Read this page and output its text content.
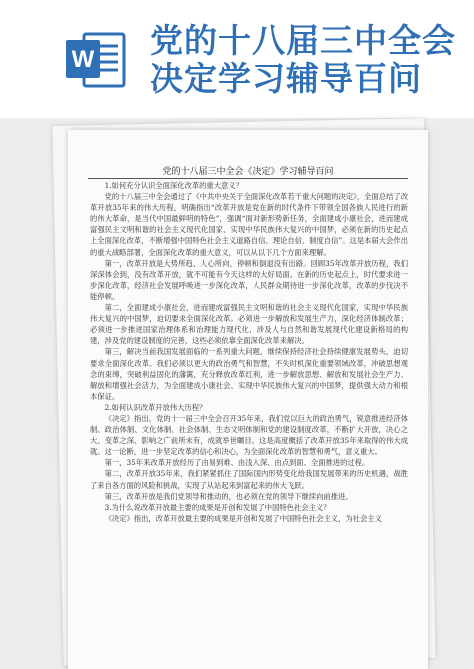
W 党的十八届三中全会决定学习辅导百问
党的十八届三中全会《决定》学习辅导百问

1.如何充分认识全面深化改革的重大意义？

党的十八届三中全会通过了《中共中央关于全面深化改革若干重大问题的决定》，全面总结了改革开放35年来的伟大历程，明确指出“改革开放是党在新的时代条件下带领全国各族人民进行的新的伟大革命，是当代中国最鲜明的特色”，强调“面对新形势新任务，全面建成小康社会，进而建成富强民主文明和谐的社会主义现代化国家、实现中华民族伟大复兴的中国梦，必须在新的历史起点上全面深化改革，不断增强中国特色社会主义道路自信、理论自信、制度自信”。这是本届大会作出的重大战略部署，全面深化改革的重大意义，可以从以下几个方面来理解。

第一，改革开放是大势所趋、人心所向，停顿和倒退没有出路。回顾35年改革开放历程，我们深深体会到，没有改革开放，就不可能有今天这样的大好局面。在新的历史起点上，时代要求进一步深化改革，经济社会发展呼唤进一步深化改革，人民群众期待进一步深化改革，改革的步伐决不能停顿。

第二，全面建成小康社会，进而建成富强民主文明和谐的社会主义现代化国家，实现中华民族伟大复兴的中国梦，迫切要求全面深化改革。必须进一步解放和发展生产力，深化经济体制改革；必须进一步推进国家治理体系和治理能力现代化，涉及人与自然和谐发展现代化建设新格局的构建，涉及党的建设制度的完善，这些必须依靠全面深化改革来解决。

第三，解决当前我国发展面临的一系列重大问题，继续保持经济社会持续健康发展势头，迫切要求全面深化改革。我们必须以更大的政治勇气和智慧，不失时机深化重要领域改革，冲破思想观念的束缚，突破利益固化的藩篱，充分释放改革红利，进一步解放思想、解放和发展社会生产力、解放和增强社会活力，为全面建成小康社会、实现中华民族伟大复兴的中国梦，提供强大动力和根本保证。

2.如何认识改革开放伟大历程？

《决定》指出，党的十一届三中全会召开35年来，我们党以巨大的政治勇气，锐意推进经济体制、政治体制、文化体制、社会体制、生态文明体制和党的建设制度改革，不断扩大开放，决心之大、变革之深、影响之广前所未有，成就举世瞩目。这是高度概括了改革开放35年来取得的伟大成就。这一论断，进一步坚定改革的信心和决心，为全面深化改革的智慧和勇气，意义重大。

第一，35年来改革开放经历了由易到难、由浅入深、由点到面、全面推进的过程。

第二，改革开放35年来，我们紧紧抓住了国际国内形势变化给我国发展带来的历史机遇，战胜了来自各方面的风险和挑战，实现了从站起来到富起来的伟大飞跃。

第三，改革开放是我们党领导和推动的，也必须在党的领导下继续向前推进。

3.为什么说改革开放最主要的成果是开创和发展了中国特色社会主义？

《决定》指出，改革开放最主要的成果是开创和发展了中国特色社会主义，为社会主义
